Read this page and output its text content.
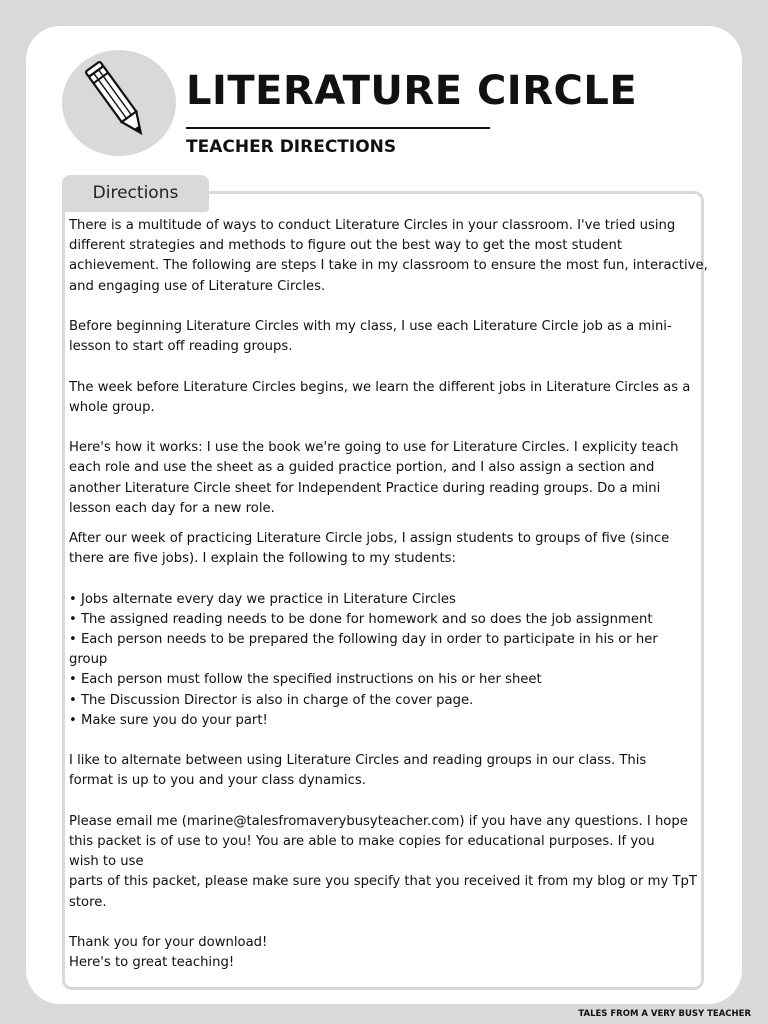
LITERATURE CIRCLE
TEACHER DIRECTIONS
Directions

There is a multitude of ways to conduct Literature Circles in your classroom. I've tried using

different strategies and methods to figure out the best way to get the most student

achievement. The following are steps I take in my classroom to ensure the most fun, interactive,

and engaging use of Literature Circles.

Before beginning Literature Circles with my class, I use each Literature Circle job as a mini-

lesson to start off reading groups.

The week before Literature Circles begins, we learn the different jobs in Literature Circles as a

whole group.

Here's how it works: I use the book we're going to use for Literature Circles. I explicity teach

each role and use the sheet as a guided practice portion, and I also assign a section and

another Literature Circle sheet for Independent Practice during reading groups. Do a mini

lesson each day for a new role.

After our week of practicing Literature Circle jobs, I assign students to groups of five (since

there are five jobs). I explain the following to my students:

• Jobs alternate every day we practice in Literature Circles

• The assigned reading needs to be done for homework and so does the job assignment

• Each person needs to be prepared the following day in order to participate in his or her

group

• Each person must follow the specified instructions on his or her sheet

• The Discussion Director is also in charge of the cover page.

• Make sure you do your part!

I like to alternate between using Literature Circles and reading groups in our class. This

format is up to you and your class dynamics.

Please email me (marine@talesfromaverybusyteacher.com) if you have any questions. I hope

this packet is of use to you! You are able to make copies for educational purposes. If you

wish to use

parts of this packet, please make sure you specify that you received it from my blog or my TpT

store.

Thank you for your download!

Here's to great teaching!

TALES FROM A VERY BUSY TEACHER
